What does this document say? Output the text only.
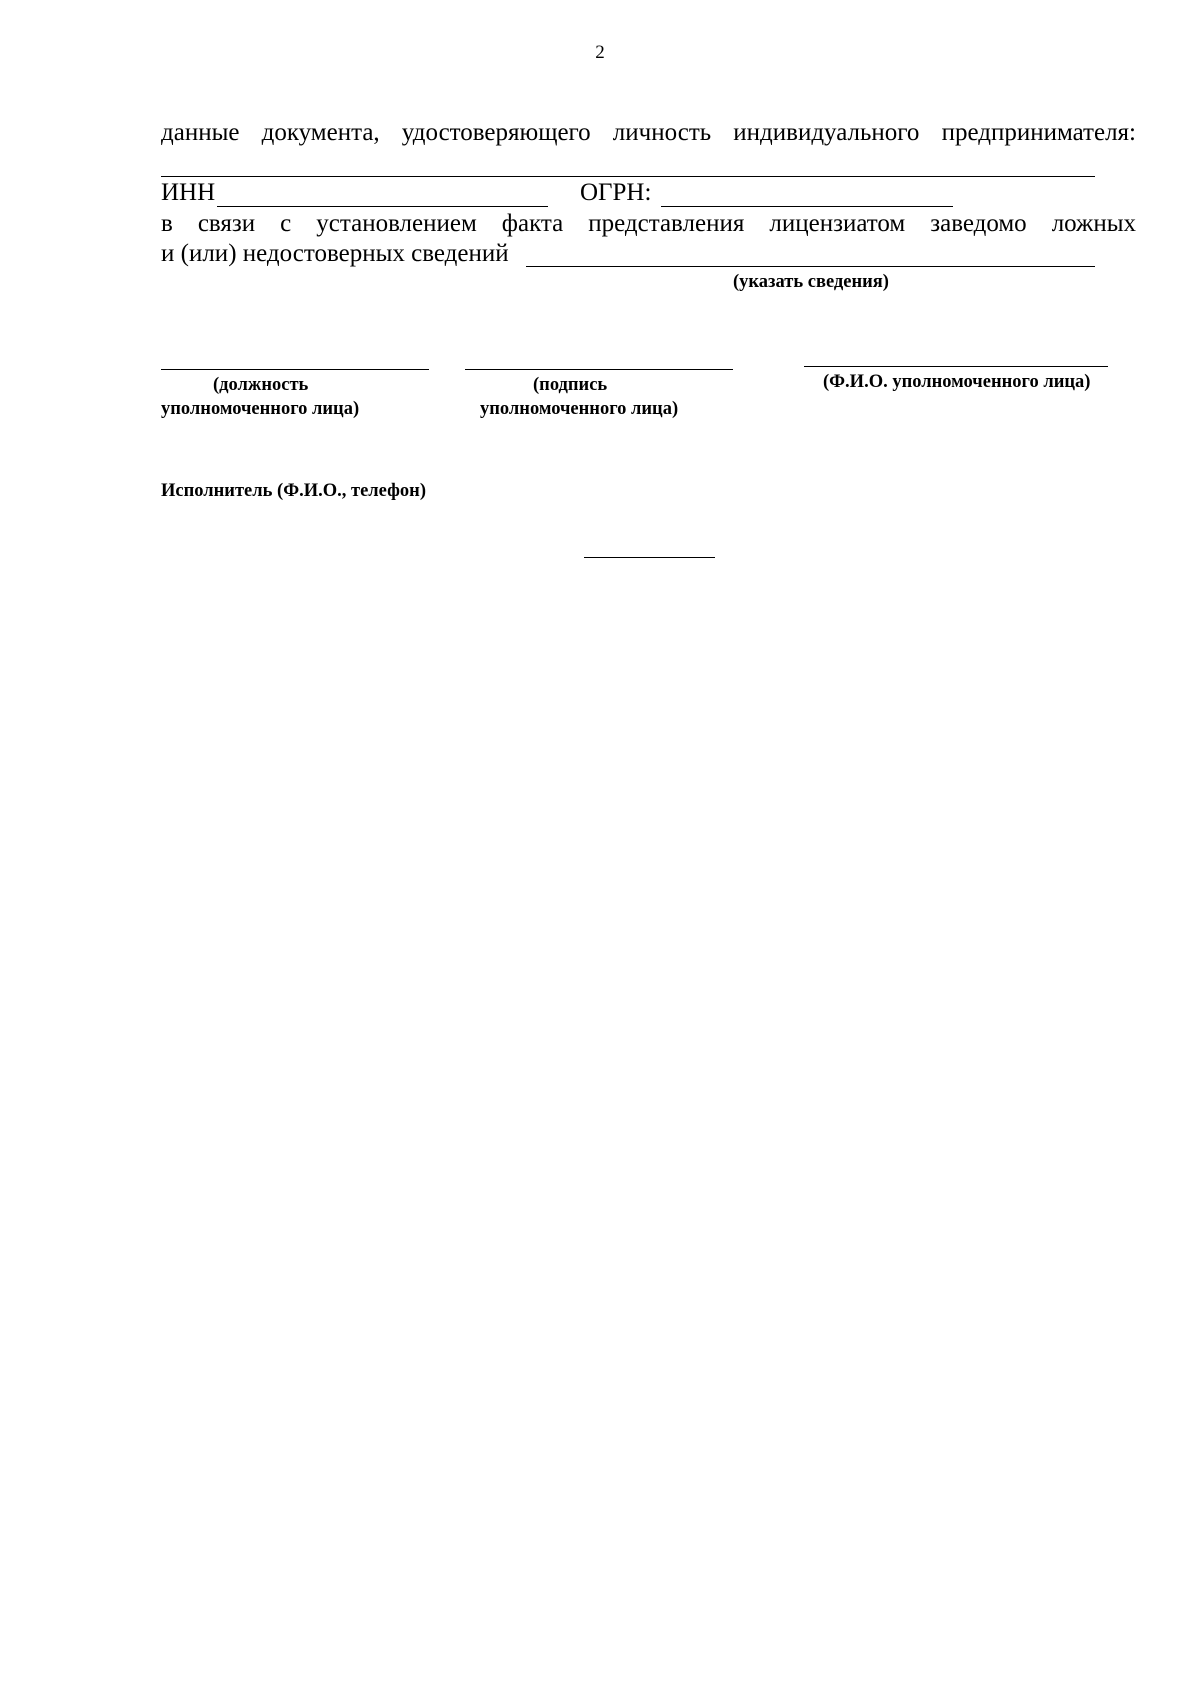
2
данные документа, удостоверяющего личность индивидуального предпринимателя:
ИНН	ОГРН:
в связи с установлением факта представления лицензиатом заведомо ложных
и (или) недостоверных сведений
(указать сведения)
(должность
уполномоченного лица)
(подпись
уполномоченного лица)
(Ф.И.О. уполномоченного лица)
Исполнитель (Ф.И.О., телефон)
